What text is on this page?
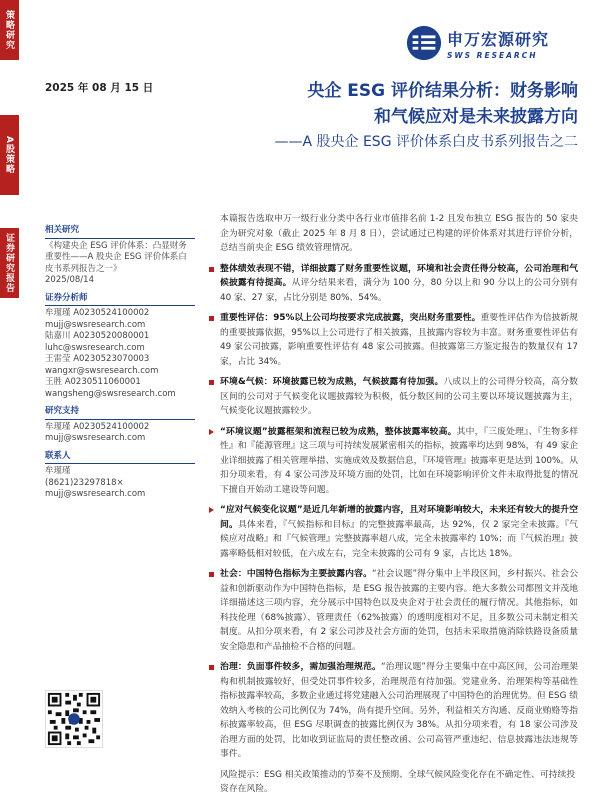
策略研究
A股策略
证券研究报告
申万宏源研究
SWS RESEARCH
2025 年 08 月 15 日	央企 ESG 评价结果分析：财务影响
和气候应对是未来披露方向
——A 股央企 ESG 评价体系白皮书系列报告之二
相关研究
《构建央企 ESG 评价体系：凸显财务重要性——A 股央企 ESG 评价体系白皮书系列报告之一》
2025/08/14
证券分析师
牟瑾瑾 A0230524100002
mujj@swsresearch.com
陆嘉川 A0230520080001
luhc@swsresearch.com
王雷莹 A0230523070003
wangxr@swsresearch.com
王胜 A0230511060001
wangsheng@swsresearch.com
研究支持
牟瑾瑾 A0230524100002
mujj@swsresearch.com
联系人
牟瑾瑾
(8621)23297818×
mujj@swsresearch.com
本篇报告选取申万一级行业分类中各行业市值排名前 1-2 且发布独立 ESG 报告的 50 家央企为研究对象（截止 2025 年 8 月 8 日），尝试通过已构建的评价体系对其进行评价分析，总结当前央企 ESG 绩效管理情况。
整体绩效表现不错，详细披露了财务重要性议题，环境和社会责任得分较高，公司治理和气候披露有待提高。从评分结果来看，满分为 100 分，80 分以上和 90 分以上的公司分别有 40 家、27 家，占比分别是 80%、54%。
重要性评估：95%以上公司均按要求完成披露，突出财务重要性。重要性评估作为信披新规的重要披露依据，95%以上公司进行了相关披露，且披露内容较为丰富。财务重要性评估有 49 家公司披露，影响重要性评估有 48 家公司披露。但披露第三方鉴定报告的数量仅有 17 家，占比 34%。
环境&气候：环境披露已较为成熟，气候披露有待加强。八成以上的公司得分较高，高分数区间的公司对于气候变化议题披露较为积极，低分数区间的公司主要以环境议题披露为主，气候变化议题披露较少。
“环境议题”披露框架和流程已较为成熟，整体披露率较高。其中，『三废处理』、『生物多样性』和『能源管理』这三项与可持续发展紧密相关的指标，披露率均达到 98%，有 49 家企业详细披露了相关管理举措、实施成效及数据信息，『环境管理』披露率更是达到 100%。从扣分项来看，有 4 家公司涉及环境方面的处罚，比如在环境影响评价文件未取得批复的情况下擅自开始动工建设等问题。
“应对气候变化议题”是近几年新增的披露内容，且对环境影响较大，未来还有较大的提升空间。具体来看，『气候指标和目标』的完整披露率最高，达 92%，仅 2 家完全未披露。『气候应对战略』和『气候管理』完整披露率超八成，完全未披露率约 10%；而『气候治理』披露率略低相对较低，在六成左右，完全未披露的公司有 9 家，占比达 18%。
社会：中国特色指标为主要披露内容。“社会议题”得分集中上半段区间，乡村振兴、社会公益和创新驱动作为中国特色指标，是 ESG 报告披露的主要内容。绝大多数公司都图文并茂地详细描述这三项内容，充分展示中国特色以及央企对于社会责任的履行情况。其他指标，如科技伦理（68%披露）、管理责任（62%披露）的透明度相对不足，且多数公司未制定相关制度。从扣分项来看，有 2 家公司涉及社会方面的处罚，包括未采取措施消除铁路设备质量安全隐患和产品抽检不合格的问题。
治理：负面事件较多，需加强治理规范。“治理议题”得分主要集中在中高区间，公司治理架构和机制披露较好，但受处罚事件较多，治理规范有待加强。党建业务、治理架构等基础性指标披露率较高，多数企业通过将党建融入公司治理展现了中国特色的治理优势。但 ESG 绩效纳入考核的公司比例仅为 74%，尚有提升空间。另外，利益相关方沟通、反商业贿赂等指标披露率较高，但 ESG 尽职调查的披露比例仅为 38%。从扣分项来看，有 18 家公司涉及治理方面的处罚，比如收到证监局的责任整改函、公司高管严重违纪、信息披露违法违规等事件。
风险提示：ESG 相关政策推动的节奏不及预期、全球气候风险变化存在不确定性、可持续投资存在风险。
